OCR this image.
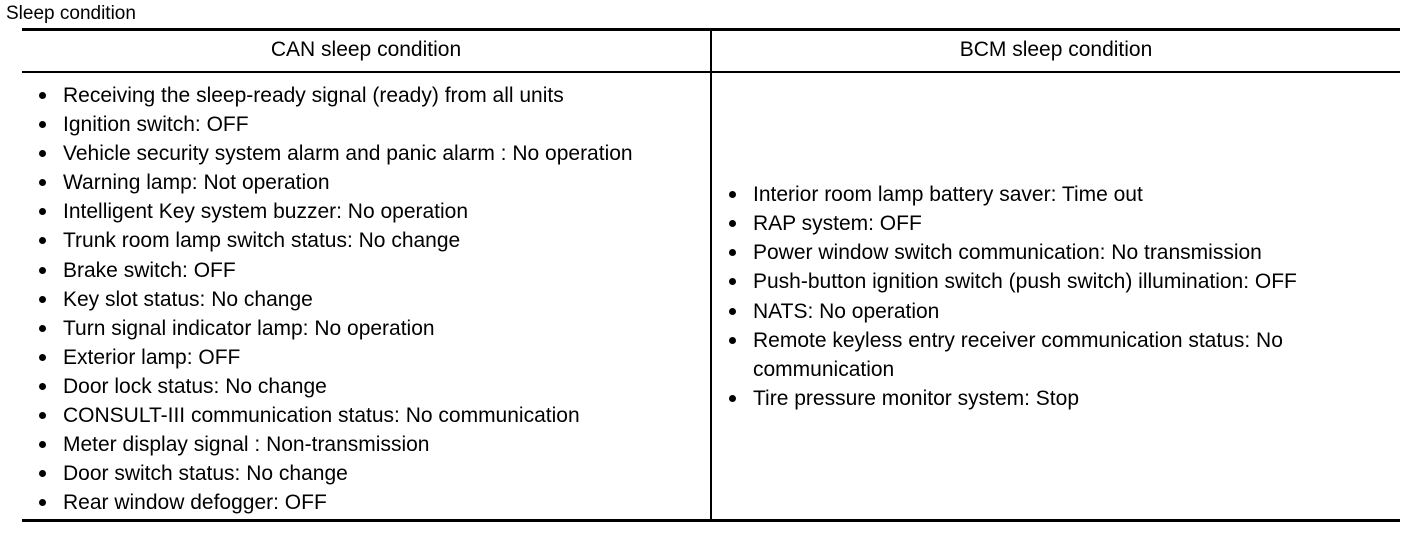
Sleep condition
CAN sleep condition	BCM sleep condition
Receiving the sleep-ready signal (ready) from all units
Ignition switch: OFF
Vehicle security system alarm and panic alarm : No operation
Warning lamp: Not operation
Intelligent Key system buzzer: No operation
Trunk room lamp switch status: No change
Brake switch: OFF
Key slot status: No change
Turn signal indicator lamp: No operation
Exterior lamp: OFF
Door lock status: No change
CONSULT-III communication status: No communication
Meter display signal : Non-transmission
Door switch status: No change
Rear window defogger: OFF
Interior room lamp battery saver: Time out
RAP system: OFF
Power window switch communication: No transmission
Push-button ignition switch (push switch) illumination: OFF
NATS: No operation
Remote keyless entry receiver communication status: No communication
Tire pressure monitor system: Stop
